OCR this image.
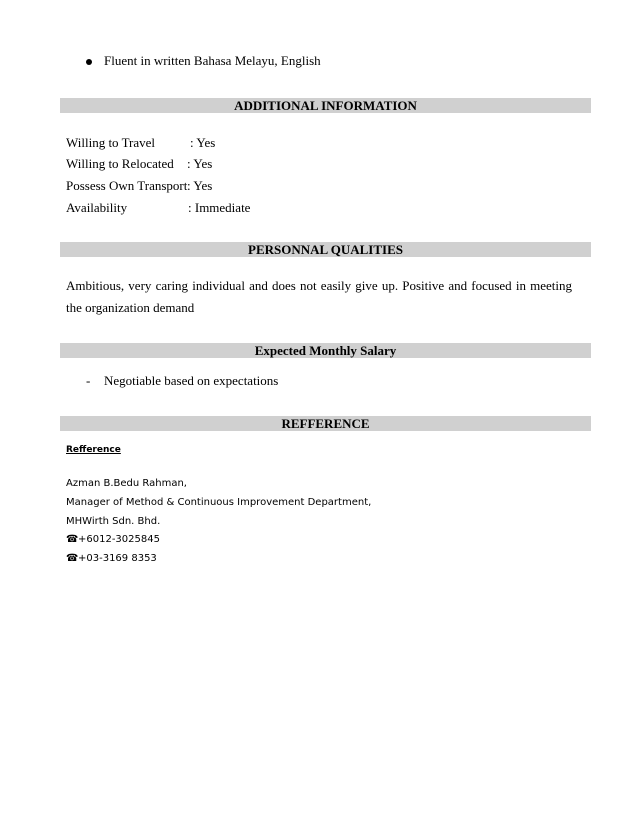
Fluent in written Bahasa Melayu, English
ADDITIONAL INFORMATION
Willing to Travel	: Yes
Willing to Relocated : Yes
Possess Own Transport : Yes
Availability	: Immediate
PERSONNAL QUALITIES
Ambitious, very caring individual and does not easily give up. Positive and focused in meeting the organization demand
Expected Monthly Salary
- Negotiable based on expectations
REFFERENCE
Refference
Azman B.Bedu Rahman,
Manager of Method & Continuous Improvement Department,
MHWirth Sdn. Bhd.
☎+6012-3025845
☎+03-3169 8353
